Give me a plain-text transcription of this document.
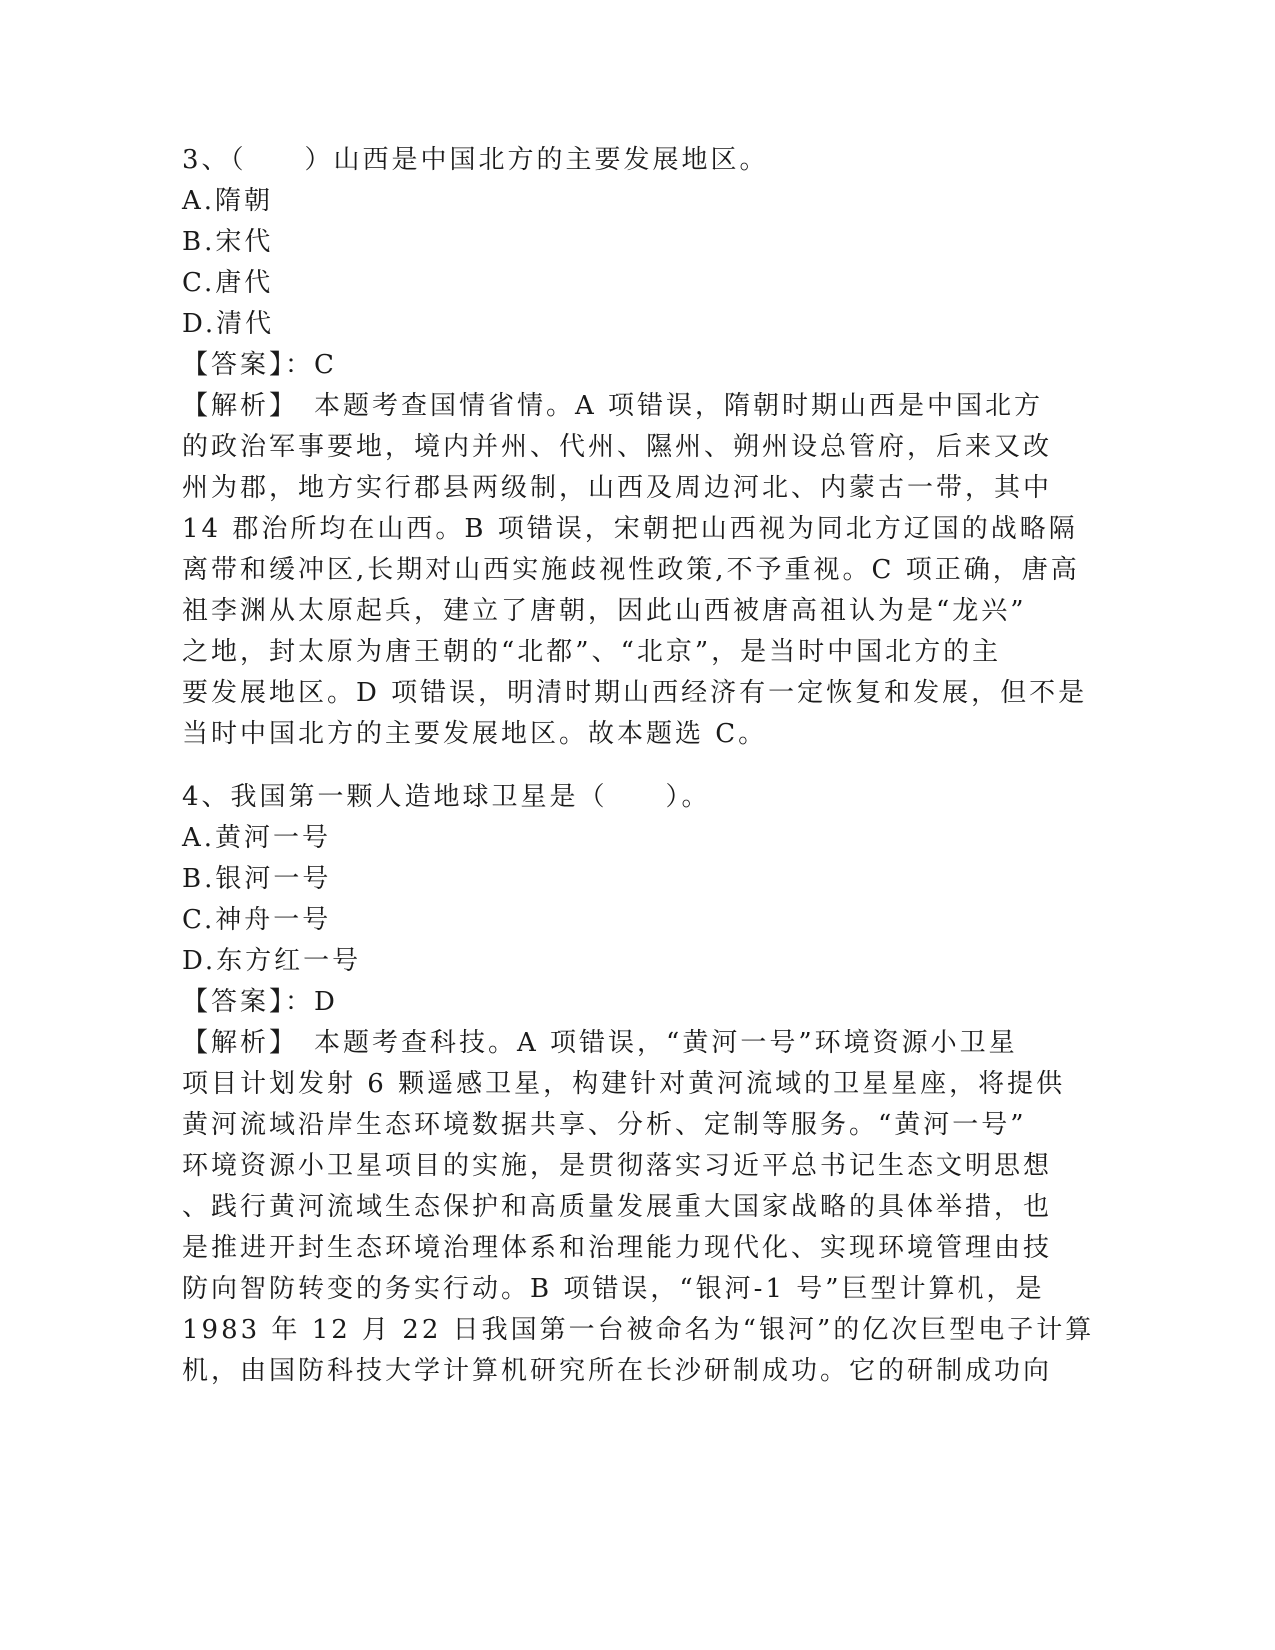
3、（　　）山西是中国北方的主要发展地区。
A.隋朝
B.宋代
C.唐代
D.清代
【答案】：C
【解析】　本题考查国情省情。A 项错误，隋朝时期山西是中国北方
的政治军事要地，境内并州、代州、隰州、朔州设总管府，后来又改
州为郡，地方实行郡县两级制，山西及周边河北、内蒙古一带，其中
14 郡治所均在山西。B 项错误，宋朝把山西视为同北方辽国的战略隔
离带和缓冲区,长期对山西实施歧视性政策,不予重视。C 项正确，唐高
祖李渊从太原起兵，建立了唐朝，因此山西被唐高祖认为是“龙兴”
之地，封太原为唐王朝的“北都”、“北京”，是当时中国北方的主
要发展地区。D 项错误，明清时期山西经济有一定恢复和发展，但不是
当时中国北方的主要发展地区。故本题选 C。
4、我国第一颗人造地球卫星是（　　）。
A.黄河一号
B.银河一号
C.神舟一号
D.东方红一号
【答案】：D
【解析】　本题考查科技。A 项错误，“黄河一号”环境资源小卫星
项目计划发射 6 颗遥感卫星，构建针对黄河流域的卫星星座，将提供
黄河流域沿岸生态环境数据共享、分析、定制等服务。“黄河一号”
环境资源小卫星项目的实施，是贯彻落实习近平总书记生态文明思想
、践行黄河流域生态保护和高质量发展重大国家战略的具体举措，也
是推进开封生态环境治理体系和治理能力现代化、实现环境管理由技
防向智防转变的务实行动。B 项错误，“银河-1 号”巨型计算机，是
1983 年 12 月 22 日我国第一台被命名为“银河”的亿次巨型电子计算
机，由国防科技大学计算机研究所在长沙研制成功。它的研制成功向
